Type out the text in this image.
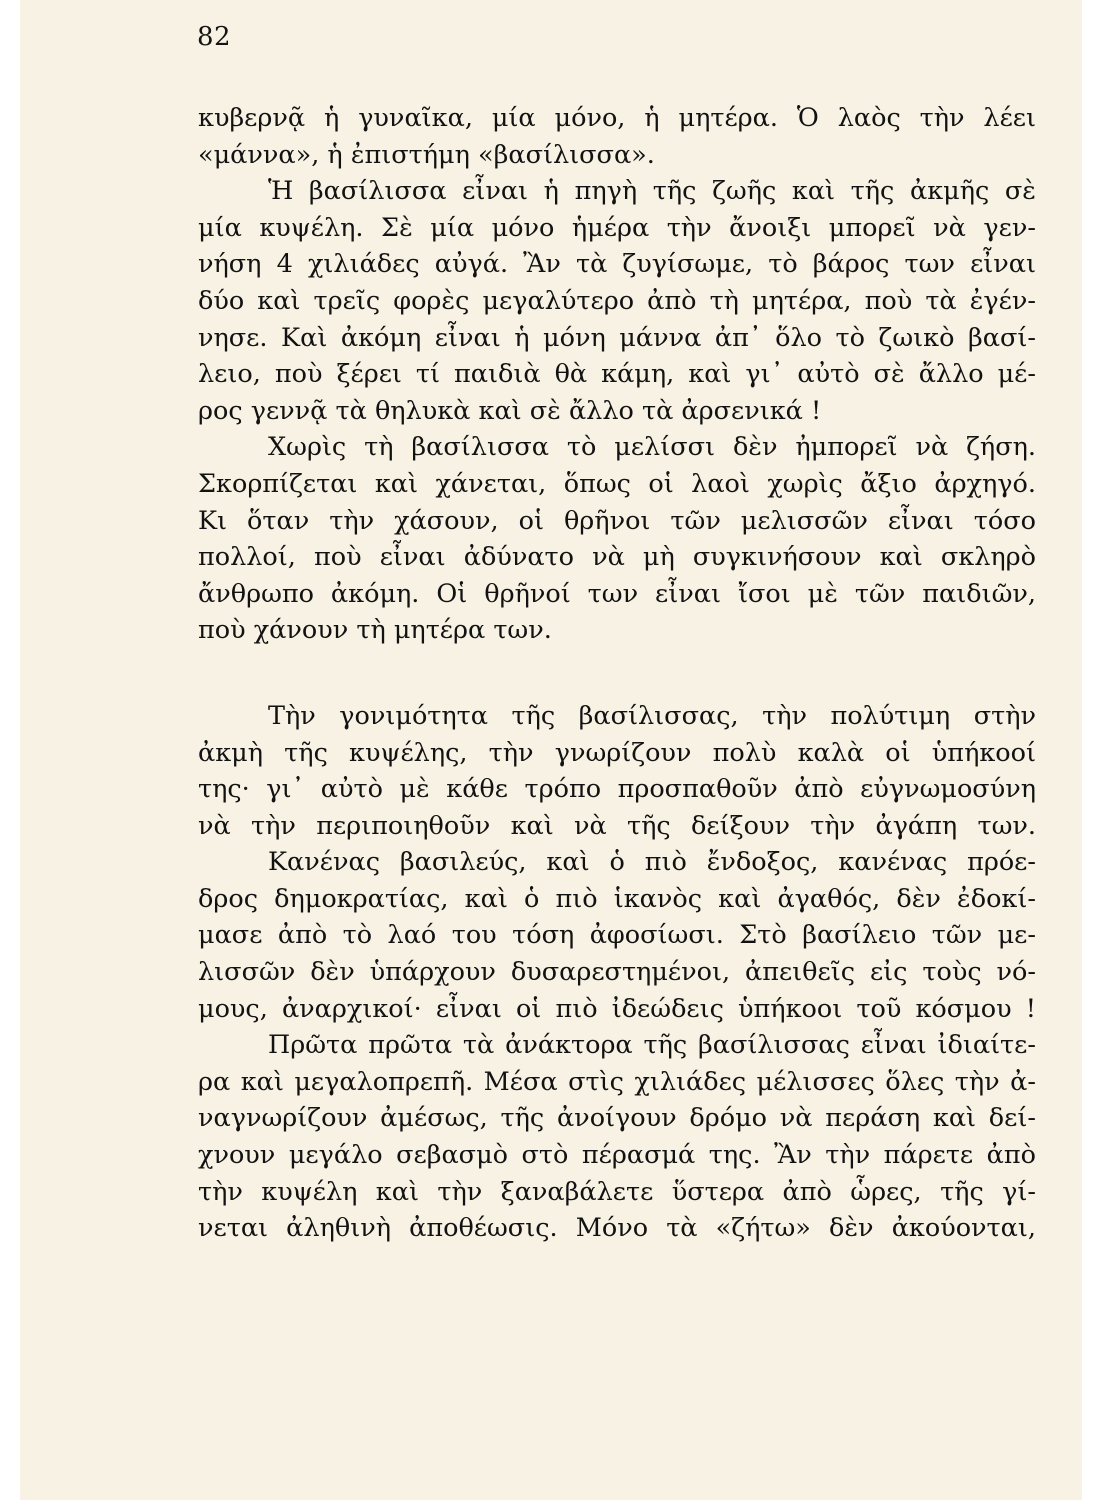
82
κυβερνᾷ ἡ γυναῖκα, μία μόνο, ἡ μητέρα. Ὁ λαὸς τὴν λέει
«μάννα», ἡ ἐπιστήμη «βασίλισσα».
Ἡ βασίλισσα εἶναι ἡ πηγὴ τῆς ζωῆς καὶ τῆς ἀκμῆς σὲ
μία κυψέλη. Σὲ μία μόνο ἡμέρα τὴν ἄνοιξι μπορεῖ νὰ γεν-
νήση 4 χιλιάδες αὐγά. Ἂν τὰ ζυγίσωμε, τὸ βάρος των εἶναι
δύο καὶ τρεῖς φορὲς μεγαλύτερο ἀπὸ τὴ μητέρα, ποὺ τὰ ἐγέν-
νησε. Καὶ ἀκόμη εἶναι ἡ μόνη μάννα ἀπ᾿ ὅλο τὸ ζωικὸ βασί-
λειο, ποὺ ξέρει τί παιδιὰ θὰ κάμη, καὶ γι᾿ αὐτὸ σὲ ἄλλο μέ-
ρος γεννᾷ τὰ θηλυκὰ καὶ σὲ ἄλλο τὰ ἀρσενικά !
Χωρὶς τὴ βασίλισσα τὸ μελίσσι δὲν ἠμπορεῖ νὰ ζήση.
Σκορπίζεται καὶ χάνεται, ὅπως οἱ λαοὶ χωρὶς ἄξιο ἀρχηγό.
Κι ὅταν τὴν χάσουν, οἱ θρῆνοι τῶν μελισσῶν εἶναι τόσο
πολλοί, ποὺ εἶναι ἀδύνατο νὰ μὴ συγκινήσουν καὶ σκληρὸ
ἄνθρωπο ἀκόμη. Οἱ θρῆνοί των εἶναι ἴσοι μὲ τῶν παιδιῶν,
ποὺ χάνουν τὴ μητέρα των.
Τὴν γονιμότητα τῆς βασίλισσας, τὴν πολύτιμη στὴν
ἀκμὴ τῆς κυψέλης, τὴν γνωρίζουν πολὺ καλὰ οἱ ὑπήκοοί
της· γι᾿ αὐτὸ μὲ κάθε τρόπο προσπαθοῦν ἀπὸ εὐγνωμοσύνη
νὰ τὴν περιποιηθοῦν καὶ νὰ τῆς δείξουν τὴν ἀγάπη των.
Κανένας βασιλεύς, καὶ ὁ πιὸ ἔνδοξος, κανένας πρόε-
δρος δημοκρατίας, καὶ ὁ πιὸ ἱκανὸς καὶ ἀγαθός, δὲν ἐδοκί-
μασε ἀπὸ τὸ λαό του τόση ἀφοσίωσι. Στὸ βασίλειο τῶν με-
λισσῶν δὲν ὑπάρχουν δυσαρεστημένοι, ἀπειθεῖς εἰς τοὺς νό-
μους, ἀναρχικοί· εἶναι οἱ πιὸ ἰδεώδεις ὑπήκοοι τοῦ κόσμου !
Πρῶτα πρῶτα τὰ ἀνάκτορα τῆς βασίλισσας εἶναι ἰδιαίτε-
ρα καὶ μεγαλοπρεπῆ. Μέσα στὶς χιλιάδες μέλισσες ὅλες τὴν ἀ-
ναγνωρίζουν ἀμέσως, τῆς ἀνοίγουν δρόμο νὰ περάση καὶ δεί-
χνουν μεγάλο σεβασμὸ στὸ πέρασμά της. Ἂν τὴν πάρετε ἀπὸ
τὴν κυψέλη καὶ τὴν ξαναβάλετε ὕστερα ἀπὸ ὧρες, τῆς γί-
νεται ἀληθινὴ ἀποθέωσις. Μόνο τὰ «ζήτω» δὲν ἀκούονται,
